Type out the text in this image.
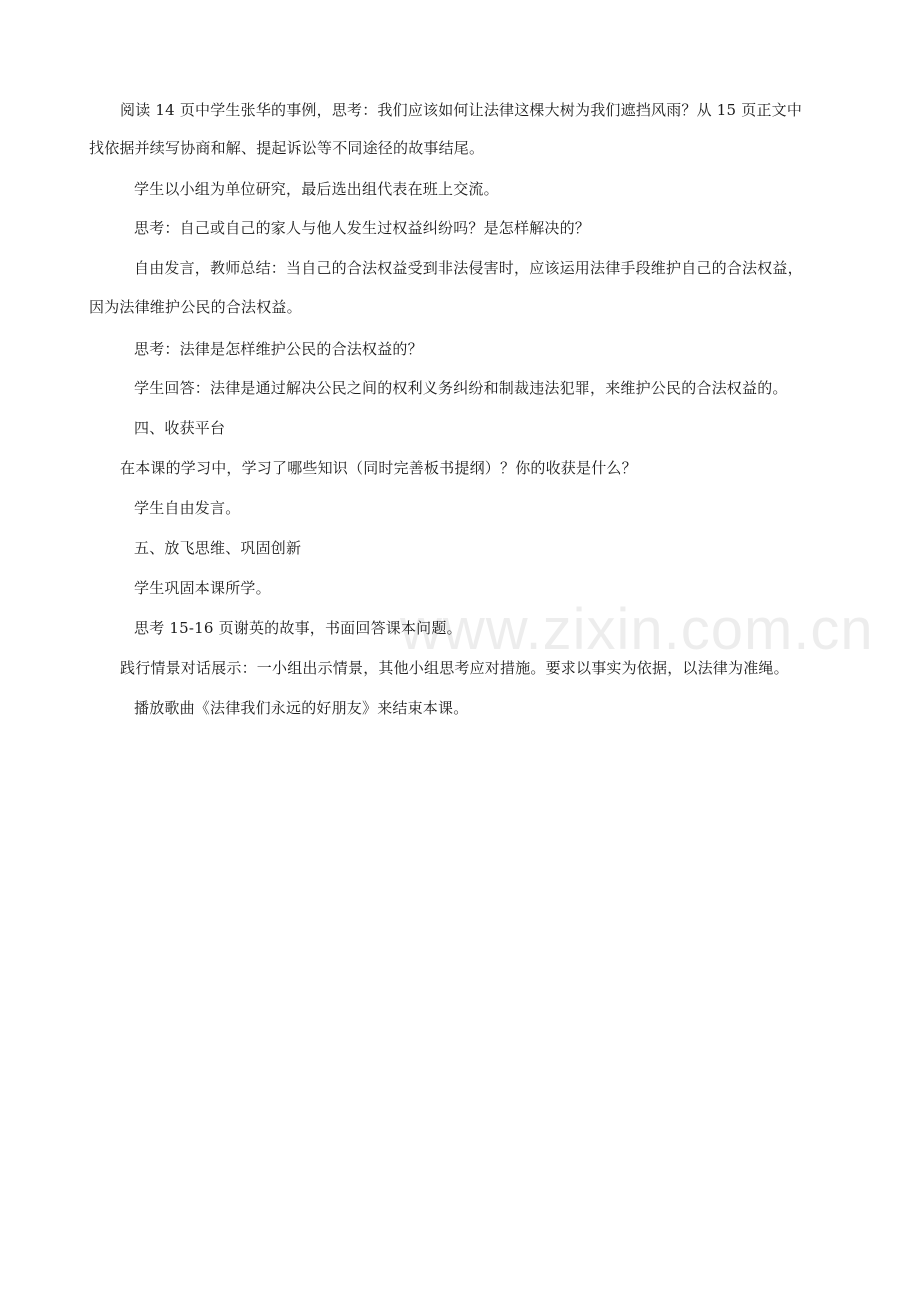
www.zixin.com.cn
阅读 14 页中学生张华的事例，思考：我们应该如何让法律这棵大树为我们遮挡风雨？从 15 页正文中
找依据并续写协商和解、提起诉讼等不同途径的故事结尾。
学生以小组为单位研究，最后选出组代表在班上交流。
思考：自己或自己的家人与他人发生过权益纠纷吗？是怎样解决的？
自由发言，教师总结：当自己的合法权益受到非法侵害时，应该运用法律手段维护自己的合法权益，
因为法律维护公民的合法权益。
思考：法律是怎样维护公民的合法权益的？
学生回答：法律是通过解决公民之间的权利义务纠纷和制裁违法犯罪，来维护公民的合法权益的。
四、收获平台
在本课的学习中，学习了哪些知识（同时完善板书提纲）？你的收获是什么？
学生自由发言。
五、放飞思维、巩固创新
学生巩固本课所学。
思考 15-16 页谢英的故事，书面回答课本问题。
践行情景对话展示：一小组出示情景，其他小组思考应对措施。要求以事实为依据，以法律为准绳。
播放歌曲《法律我们永远的好朋友》来结束本课。
